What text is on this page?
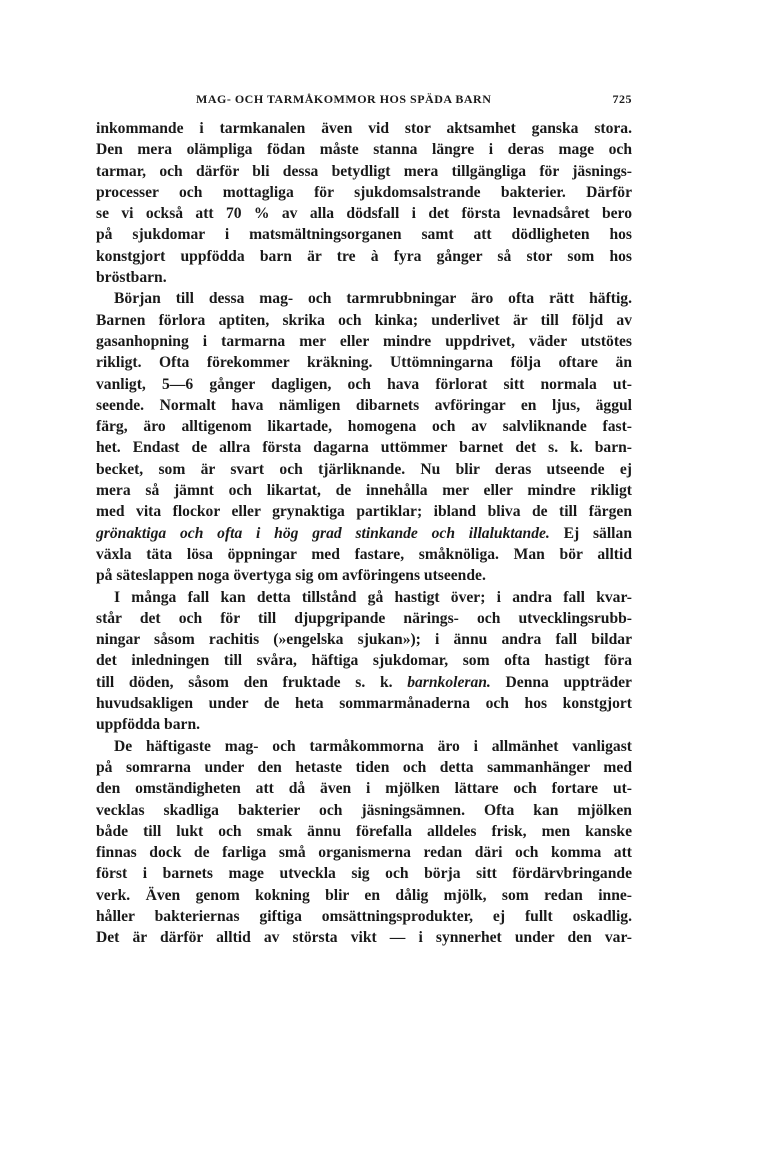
MAG- OCH TARMÅKOMMOR HOS SPÄDA BARN	725
inkommande i tarmkanalen även vid stor aktsamhet ganska stora.
Den mera olämpliga födan måste stanna längre i deras mage och
tarmar, och därför bli dessa betydligt mera tillgängliga för jäsnings-
processer och mottagliga för sjukdomsalstrande bakterier. Därför
se vi också att 70 % av alla dödsfall i det första levnadsåret bero
på sjukdomar i matsmältningsorganen samt att dödligheten hos
konstgjort uppfödda barn är tre à fyra gånger så stor som hos
bröstbarn.
Början till dessa mag- och tarmrubbningar äro ofta rätt häftig.
Barnen förlora aptiten, skrika och kinka; underlivet är till följd av
gasanhopning i tarmarna mer eller mindre uppdrivet, väder utstötes
rikligt. Ofta förekommer kräkning. Uttömningarna följa oftare än
vanligt, 5—6 gånger dagligen, och hava förlorat sitt normala ut-
seende. Normalt hava nämligen dibarnets avföringar en ljus, äggul
färg, äro alltigenom likartade, homogena och av salvliknande fast-
het. Endast de allra första dagarna uttömmer barnet det s. k. barn-
becket, som är svart och tjärliknande. Nu blir deras utseende ej
mera så jämnt och likartat, de innehålla mer eller mindre rikligt
med vita flockor eller grynaktiga partiklar; ibland bliva de till färgen
grönaktiga och ofta i hög grad stinkande och illaluktande. Ej sällan
växla täta lösa öppningar med fastare, småknöliga. Man bör alltid
på säteslappen noga övertyga sig om avföringens utseende.
I många fall kan detta tillstånd gå hastigt över; i andra fall kvar-
står det och för till djupgripande närings- och utvecklingsrubb-
ningar såsom rachitis (»engelska sjukan»); i ännu andra fall bildar
det inledningen till svåra, häftiga sjukdomar, som ofta hastigt föra
till döden, såsom den fruktade s. k. barnkoleran. Denna uppträder
huvudsakligen under de heta sommarmånaderna och hos konstgjort
uppfödda barn.
De häftigaste mag- och tarmåkommorna äro i allmänhet vanligast
på somrarna under den hetaste tiden och detta sammanhänger med
den omständigheten att då även i mjölken lättare och fortare ut-
vecklas skadliga bakterier och jäsningsämnen. Ofta kan mjölken
både till lukt och smak ännu förefalla alldeles frisk, men kanske
finnas dock de farliga små organismerna redan däri och komma att
först i barnets mage utveckla sig och börja sitt fördärvbringande
verk. Även genom kokning blir en dålig mjölk, som redan inne-
håller bakteriernas giftiga omsättningsprodukter, ej fullt oskadlig.
Det är därför alltid av största vikt — i synnerhet under den var-
